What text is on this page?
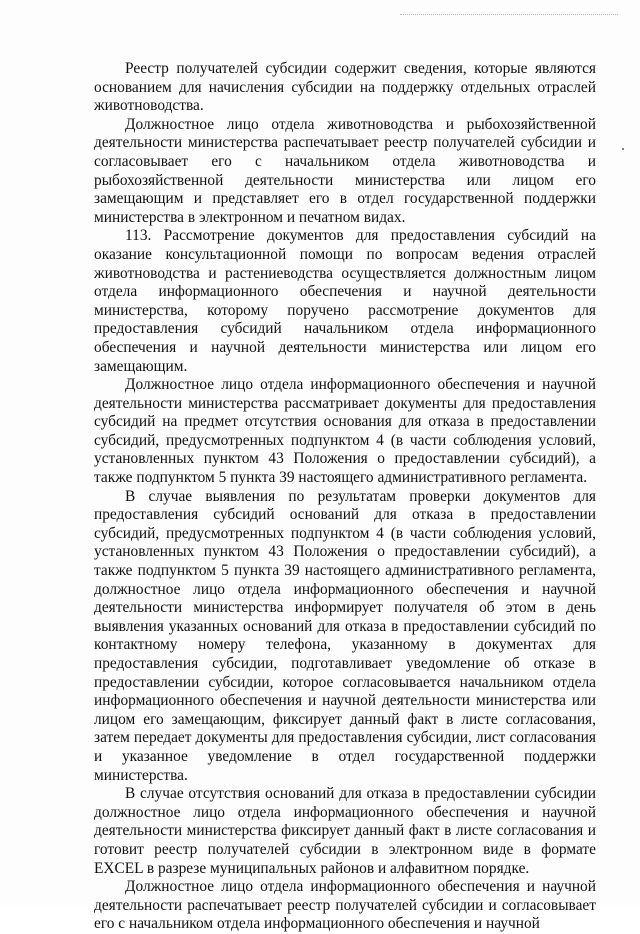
Реестр получателей субсидии содержит сведения, которые являются основанием для начисления субсидии на поддержку отдельных отраслей животноводства.

Должностное лицо отдела животноводства и рыбохозяйственной деятельности министерства распечатывает реестр получателей субсидии и согласовывает его с начальником отдела животноводства и рыбохозяйственной деятельности министерства или лицом его замещающим и представляет его в отдел государственной поддержки министерства в электронном и печатном видах.

113. Рассмотрение документов для предоставления субсидий на оказание консультационной помощи по вопросам ведения отраслей животноводства и растениеводства осуществляется должностным лицом отдела информационного обеспечения и научной деятельности министерства, которому поручено рассмотрение документов для предоставления субсидий начальником отдела информационного обеспечения и научной деятельности министерства или лицом его замещающим.

Должностное лицо отдела информационного обеспечения и научной деятельности министерства рассматривает документы для предоставления субсидий на предмет отсутствия основания для отказа в предоставлении субсидий, предусмотренных подпунктом 4 (в части соблюдения условий, установленных пунктом 43 Положения о предоставлении субсидий), а также подпунктом 5 пункта 39 настоящего административного регламента.

В случае выявления по результатам проверки документов для предоставления субсидий оснований для отказа в предоставлении субсидий, предусмотренных подпунктом 4 (в части соблюдения условий, установленных пунктом 43 Положения о предоставлении субсидий), а также подпунктом 5 пункта 39 настоящего административного регламента, должностное лицо отдела информационного обеспечения и научной деятельности министерства информирует получателя об этом в день выявления указанных оснований для отказа в предоставлении субсидий по контактному номеру телефона, указанному в документах для предоставления субсидии, подготавливает уведомление об отказе в предоставлении субсидии, которое согласовывается начальником отдела информационного обеспечения и научной деятельности министерства или лицом его замещающим, фиксирует данный факт в листе согласования, затем передает документы для предоставления субсидии, лист согласования и указанное уведомление в отдел государственной поддержки министерства.

В случае отсутствия оснований для отказа в предоставлении субсидии должностное лицо отдела информационного обеспечения и научной деятельности министерства фиксирует данный факт в листе согласования и готовит реестр получателей субсидии в электронном виде в формате EXCEL в разрезе муниципальных районов и алфавитном порядке.

Должностное лицо отдела информационного обеспечения и научной деятельности распечатывает реестр получателей субсидии и согласовывает его с начальником отдела информационного обеспечения и научной
